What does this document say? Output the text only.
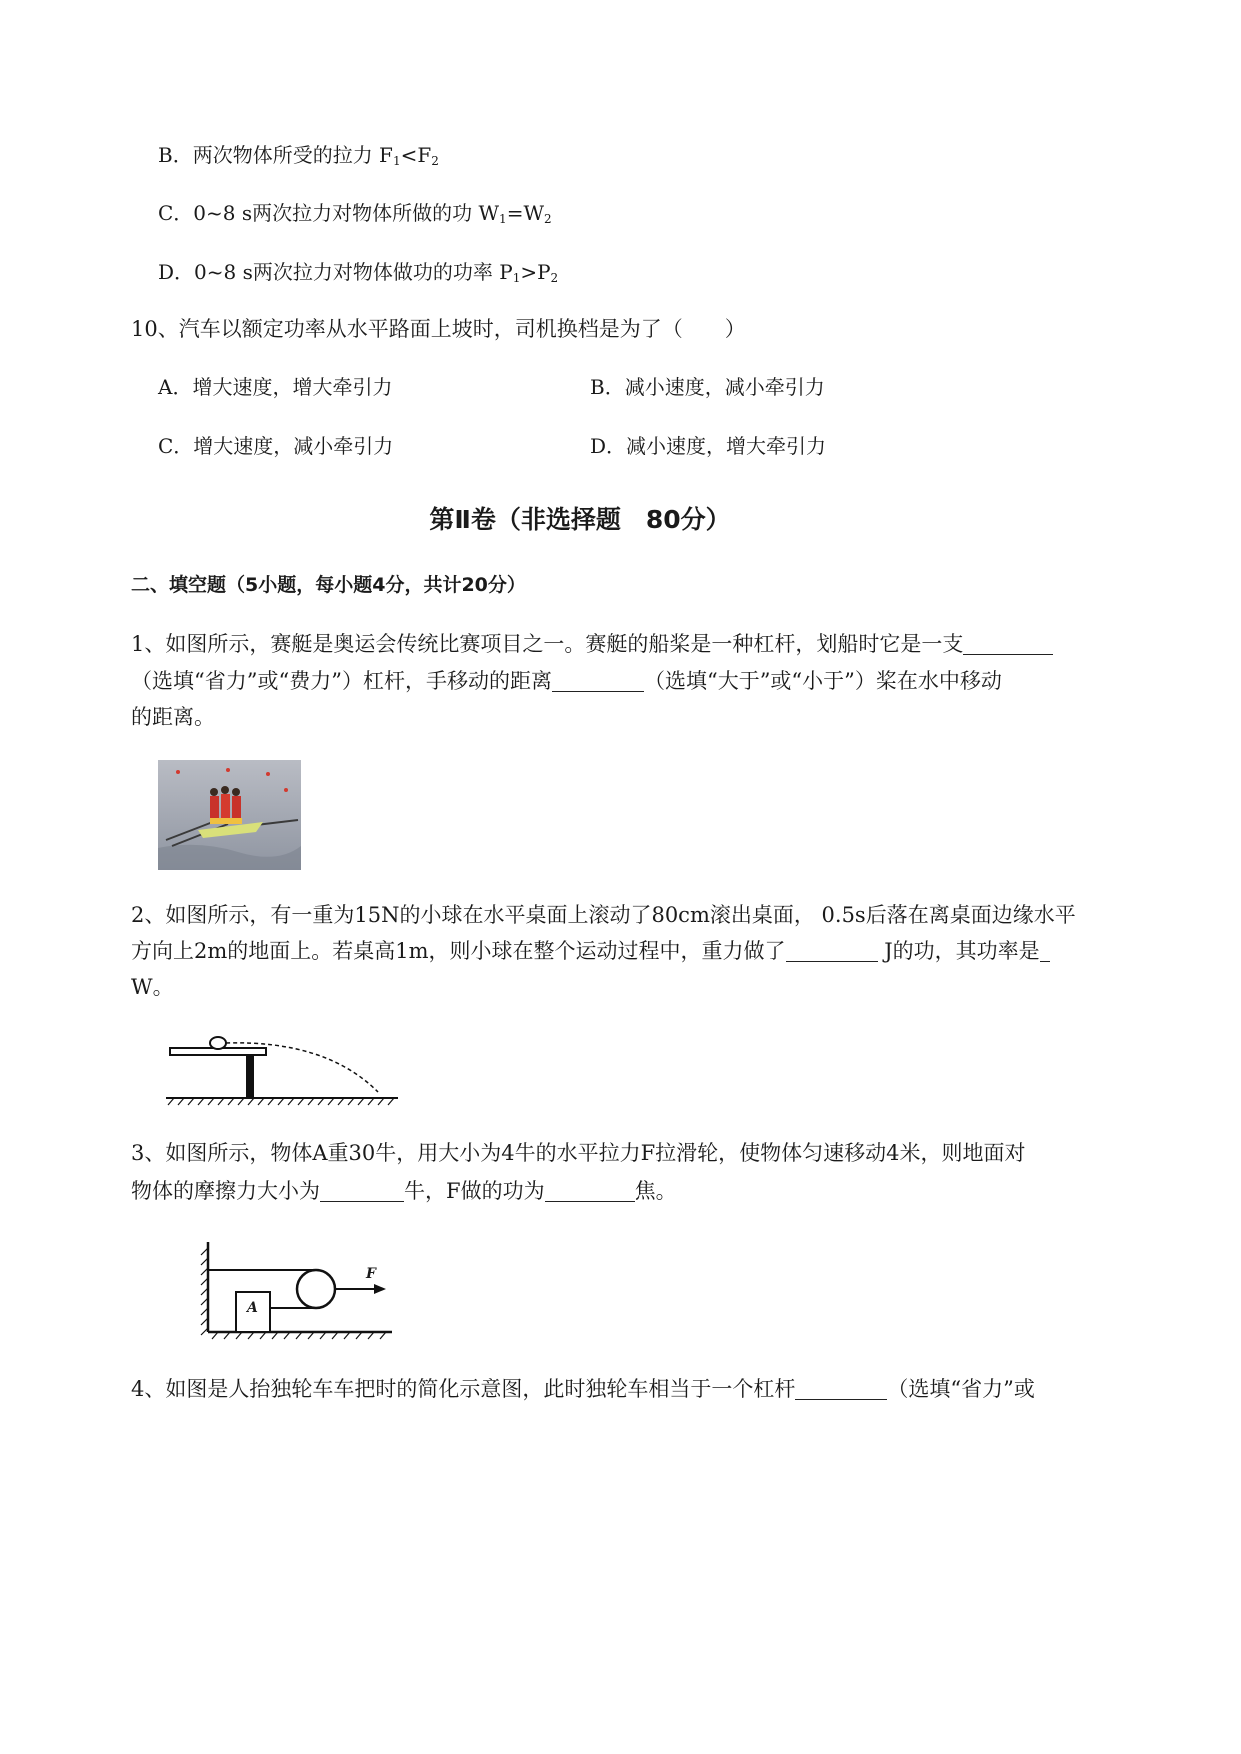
B．两次物体所受的拉力 $F_1<F_2$
C．0~8 s两次拉力对物体所做的功 $W_1=W_2$
D．0~8 s两次拉力对物体做功的功率 $P_1>P_2$
10、汽车以额定功率从水平路面上坡时，司机换档是为了（　　）
A．增大速度，增大牵引力	B．减小速度，减小牵引力
C．增大速度，减小牵引力	D．减小速度，增大牵引力
第Ⅱ卷（非选择题　80分）
二、填空题（5小题，每小题4分，共计20分）
1、如图所示，赛艇是奥运会传统比赛项目之一。赛艇的船桨是一种杠杆，划船时它是一支
（选填“省力”或“费力”）杠杆，手移动的距离	（选填“大于”或“小于”）桨在水中移动
的距离。
2、如图所示，有一重为15N的小球在水平桌面上滚动了80cm滚出桌面， 0.5s后落在离桌面边缘水平
方向上2m的地面上。若桌高1m，则小球在整个运动过程中，重力做了	J的功，其功率是
W。
3、如图所示，物体A重30牛，用大小为4牛的水平拉力F拉滑轮，使物体匀速移动4米，则地面对
物体的摩擦力大小为	牛，F做的功为	焦。
A
F
4、如图是人抬独轮车车把时的简化示意图，此时独轮车相当于一个杠杆	（选填“省力”或
